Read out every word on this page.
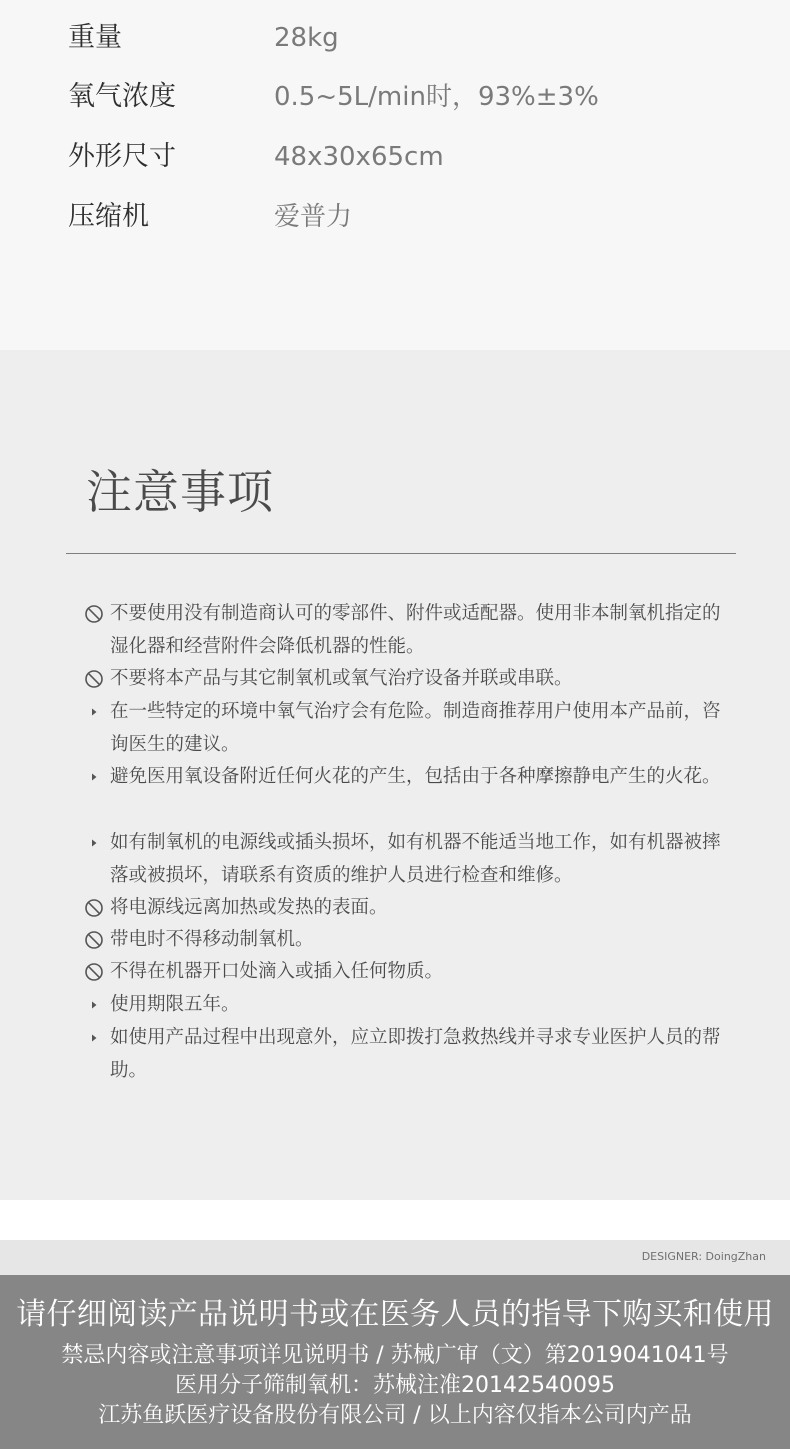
重量	28kg
氧气浓度	0.5~5L/min时，93%±3%
外形尺寸	48x30x65cm
压缩机	爱普力
注意事项
不要使用没有制造商认可的零部件、附件或适配器。使用非本制氧机指定的湿化器和经营附件会降低机器的性能。
不要将本产品与其它制氧机或氧气治疗设备并联或串联。
在一些特定的环境中氧气治疗会有危险。制造商推荐用户使用本产品前，咨询医生的建议。
避免医用氧设备附近任何火花的产生，包括由于各种摩擦静电产生的火花。
如有制氧机的电源线或插头损坏，如有机器不能适当地工作，如有机器被摔落或被损坏，请联系有资质的维护人员进行检查和维修。
将电源线远离加热或发热的表面。
带电时不得移动制氧机。
不得在机器开口处滴入或插入任何物质。
使用期限五年。
如使用产品过程中出现意外，应立即拨打急救热线并寻求专业医护人员的帮助。
DESIGNER: DoingZhan
请仔细阅读产品说明书或在医务人员的指导下购买和使用
禁忌内容或注意事项详见说明书 / 苏械广审（文）第2019041041号
医用分子筛制氧机：苏械注准20142540095
江苏鱼跃医疗设备股份有限公司 / 以上内容仅指本公司内产品
